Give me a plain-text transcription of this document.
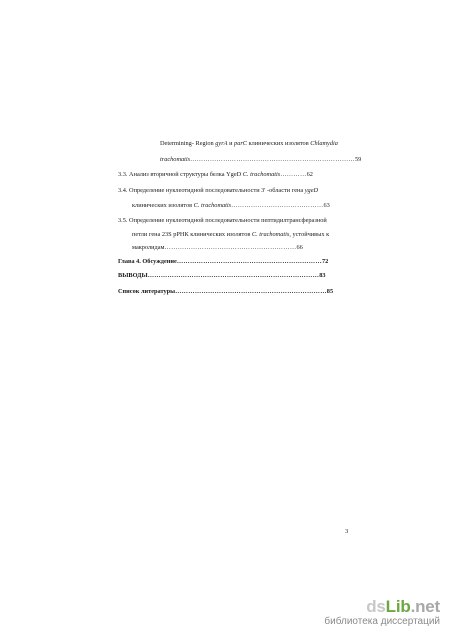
Determining- Region gyrA и parC клинических изолятов Chlamydia
trachomatis…………………………………………………………………59
3.3. Анализ вторичной структуры белка YgeD C. trachomatis…………62
3.4. Определение нуклеотидной последовательности 3' -области гена ygeD
клинических изолятов C. trachomatis……………………………………63
3.5. Определение нуклеотидной последовательности пептидилтрансферазной
петли гена 23S рРНК клинических изолятов C. trachomatis, устойчивых к
макролидам……………………………………………………66
Глава 4. Обсуждение…………………………………………………………72
ВЫВОДЫ……………………………………………………………………83
Список литературы……………………………………………………………85
3
dsLib.net
библиотека диссертаций
